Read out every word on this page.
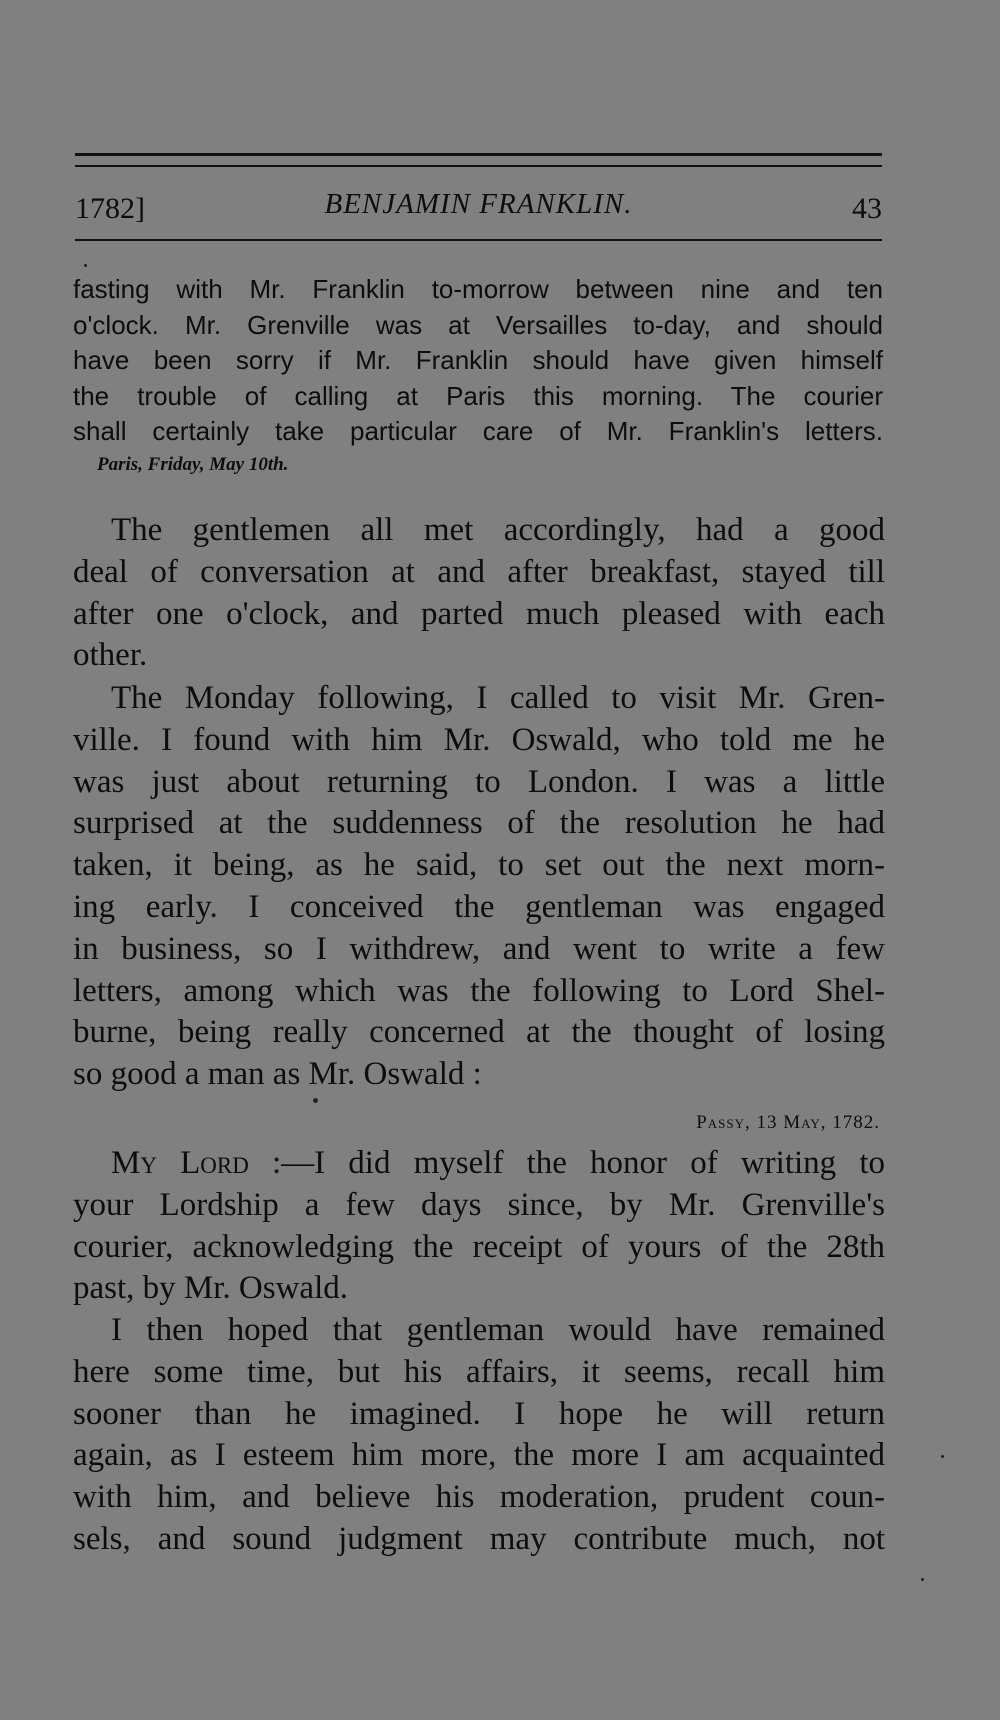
1782]	BENJAMIN FRANKLIN.	43
fasting with Mr. Franklin to-morrow between nine and ten
o'clock. Mr. Grenville was at Versailles to-day, and should
have been sorry if Mr. Franklin should have given himself
the trouble of calling at Paris this morning. The courier
shall certainly take particular care of Mr. Franklin's letters.
Paris, Friday, May 10th.
The gentlemen all met accordingly, had a good
deal of conversation at and after breakfast, stayed till
after one o'clock, and parted much pleased with each
other.
The Monday following, I called to visit Mr. Gren-
ville. I found with him Mr. Oswald, who told me he
was just about returning to London. I was a little
surprised at the suddenness of the resolution he had
taken, it being, as he said, to set out the next morn-
ing early. I conceived the gentleman was engaged
in business, so I withdrew, and went to write a few
letters, among which was the following to Lord Shel-
burne, being really concerned at the thought of losing
so good a man as Mr. Oswald :
Passy, 13 May, 1782.
My Lord :—I did myself the honor of writing to
your Lordship a few days since, by Mr. Grenville's
courier, acknowledging the receipt of yours of the 28th
past, by Mr. Oswald.
I then hoped that gentleman would have remained
here some time, but his affairs, it seems, recall him
sooner than he imagined. I hope he will return
again, as I esteem him more, the more I am acquainted
with him, and believe his moderation, prudent coun-
sels, and sound judgment may contribute much, not
